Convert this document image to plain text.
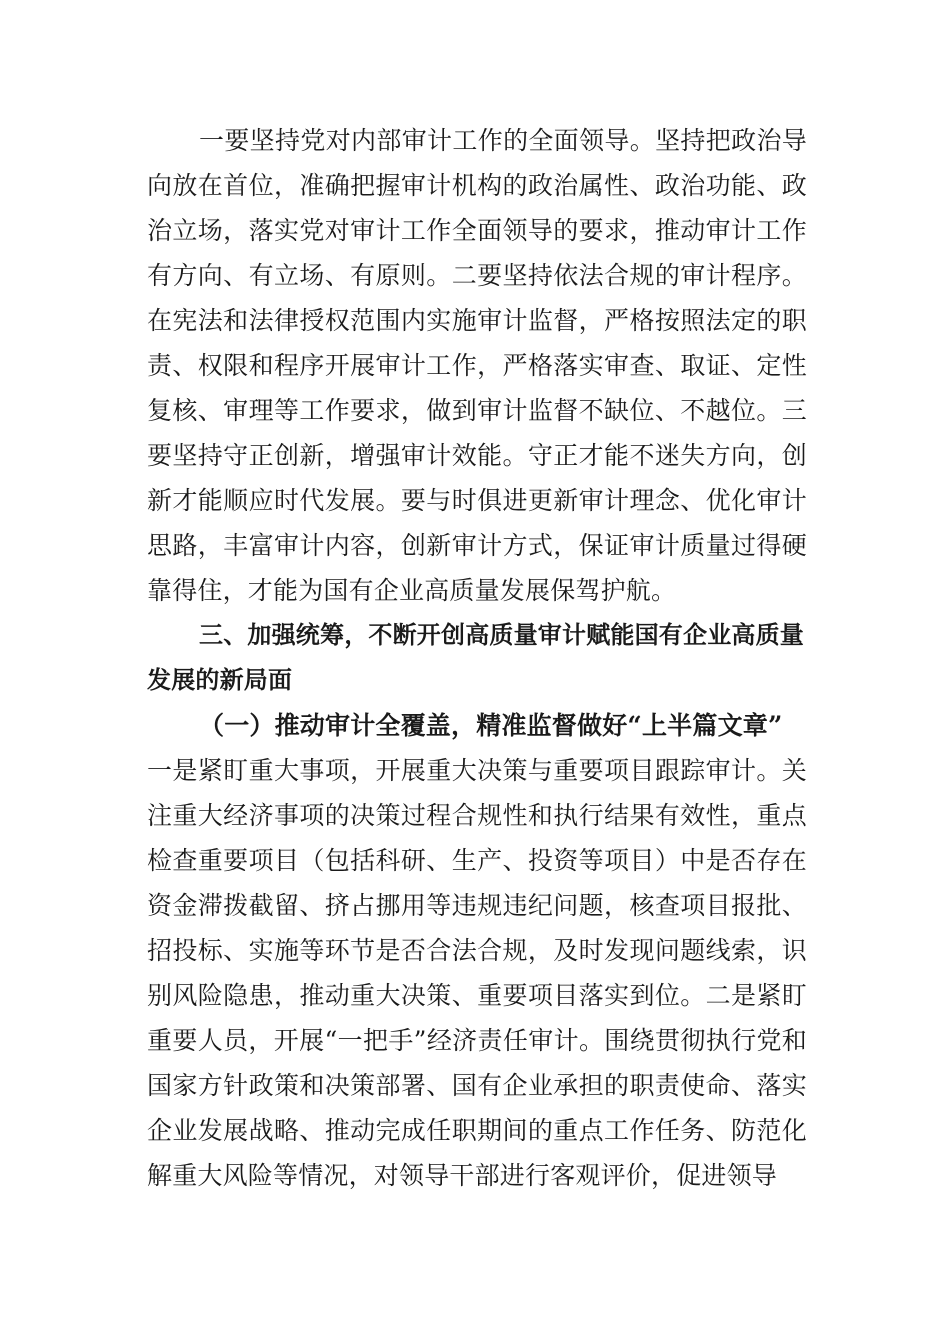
一要坚持党对内部审计工作的全面领导。坚持把政治导向放在首位，准确把握审计机构的政治属性、政治功能、政治立场，落实党对审计工作全面领导的要求，推动审计工作有方向、有立场、有原则。二要坚持依法合规的审计程序。在宪法和法律授权范围内实施审计监督，严格按照法定的职责、权限和程序开展审计工作，严格落实审查、取证、定性复核、审理等工作要求，做到审计监督不缺位、不越位。三要坚持守正创新，增强审计效能。守正才能不迷失方向，创新才能顺应时代发展。要与时俱进更新审计理念、优化审计思路，丰富审计内容，创新审计方式，保证审计质量过得硬靠得住，才能为国有企业高质量发展保驾护航。

三、加强统筹，不断开创高质量审计赋能国有企业高质量发展的新局面

（一）推动审计全覆盖，精准监督做好“上半篇文章”

一是紧盯重大事项，开展重大决策与重要项目跟踪审计。关注重大经济事项的决策过程合规性和执行结果有效性，重点检查重要项目（包括科研、生产、投资等项目）中是否存在资金滞拨截留、挤占挪用等违规违纪问题，核查项目报批、招投标、实施等环节是否合法合规，及时发现问题线索，识别风险隐患，推动重大决策、重要项目落实到位。二是紧盯重要人员，开展“一把手”经济责任审计。围绕贯彻执行党和国家方针政策和决策部署、国有企业承担的职责使命、落实企业发展战略、推动完成任职期间的重点工作任务、防范化解重大风险等情况，对领导干部进行客观评价，促进领导
